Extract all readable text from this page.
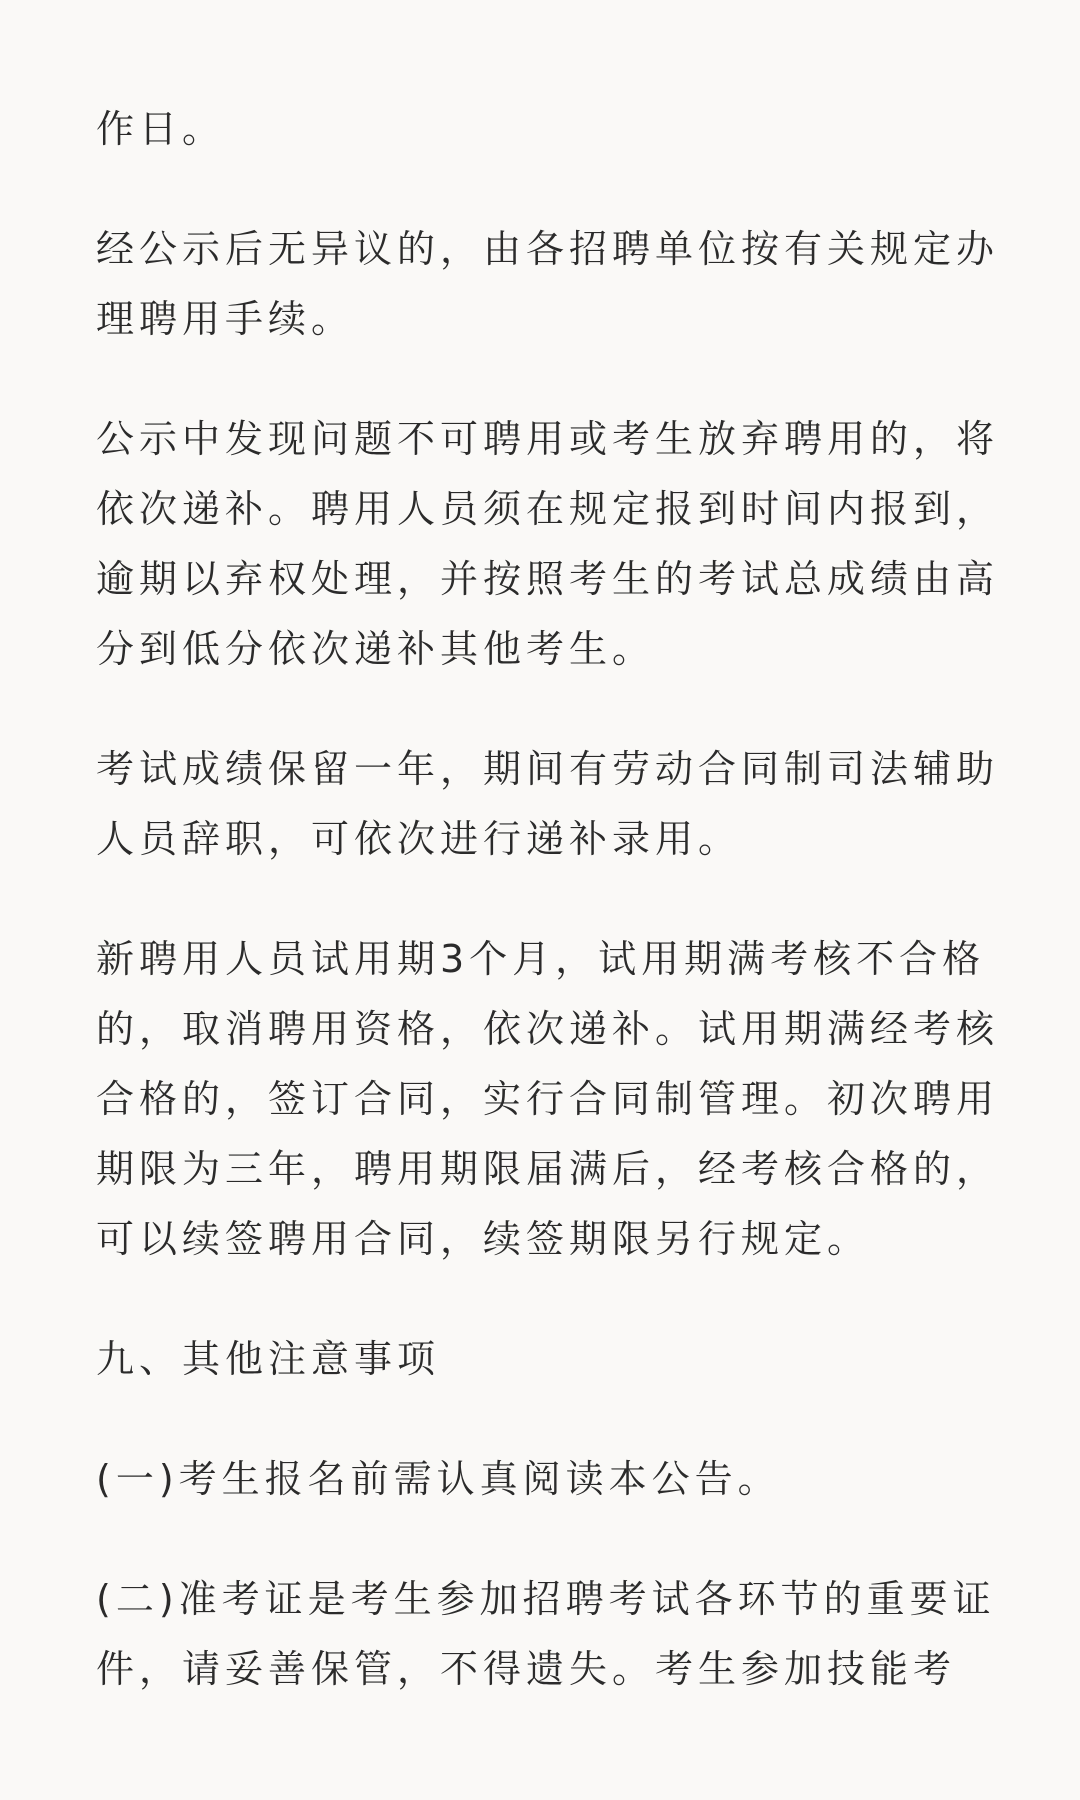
作日。

经公示后无异议的，由各招聘单位按有关规定办
理聘用手续。

公示中发现问题不可聘用或考生放弃聘用的，将
依次递补。聘用人员须在规定报到时间内报到，
逾期以弃权处理，并按照考生的考试总成绩由高
分到低分依次递补其他考生。

考试成绩保留一年，期间有劳动合同制司法辅助
人员辞职，可依次进行递补录用。

新聘用人员试用期3个月，试用期满考核不合格
的，取消聘用资格，依次递补。试用期满经考核
合格的，签订合同，实行合同制管理。初次聘用
期限为三年，聘用期限届满后，经考核合格的，
可以续签聘用合同，续签期限另行规定。

九、其他注意事项

(一)考生报名前需认真阅读本公告。

(二)准考证是考生参加招聘考试各环节的重要证
件，请妥善保管，不得遗失。考生参加技能考
